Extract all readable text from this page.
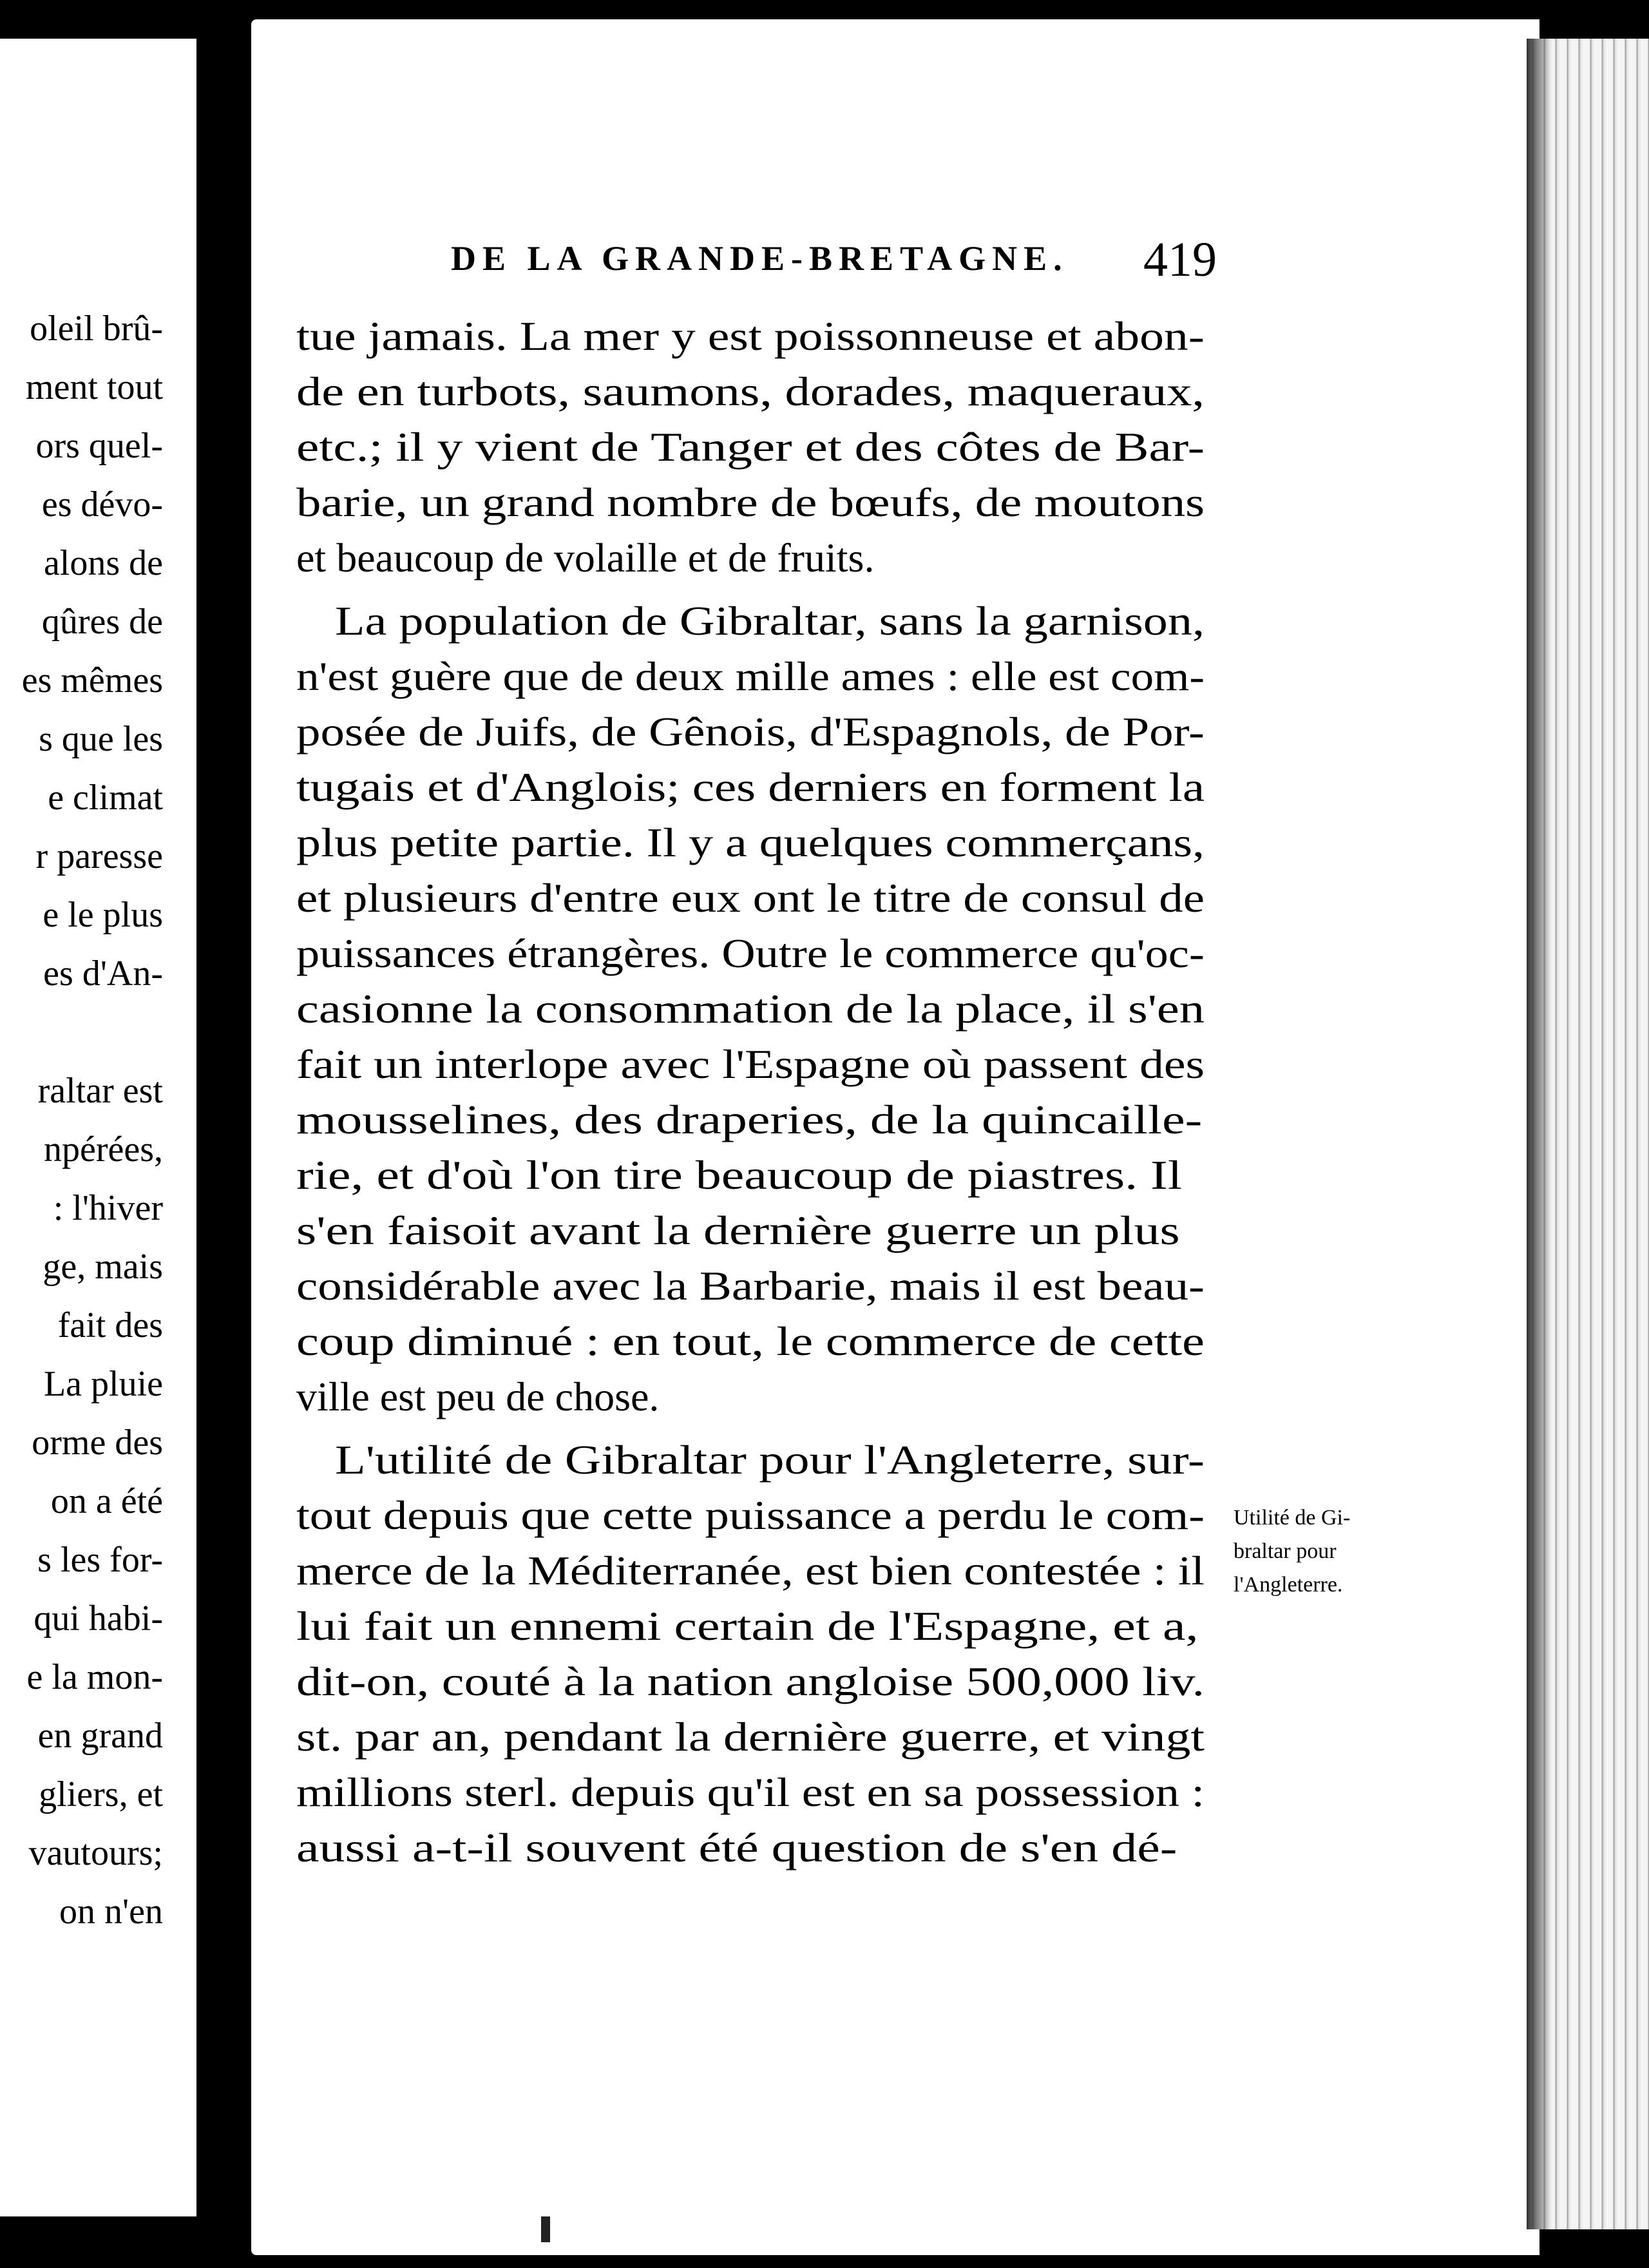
oleil brû-
ment tout
ors quel-
es dévo-
alons de
qûres de
es mêmes
s que les
e climat
r paresse
e le plus
es d'An-
raltar est
npérées,
: l'hiver
ge, mais
fait des
La pluie
orme des
on a été
s les for-
qui habi-
e la mon-
en grand
gliers, et
vautours;
on n'en
DE LA GRANDE-BRETAGNE. 419
tue jamais. La mer y est poissonneuse et abon-
de en turbots, saumons, dorades, maqueraux,
etc.; il y vient de Tanger et des côtes de Bar-
barie, un grand nombre de bœufs, de moutons
et beaucoup de volaille et de fruits.
La population de Gibraltar, sans la garnison,
n'est guère que de deux mille ames : elle est com-
posée de Juifs, de Gênois, d'Espagnols, de Por-
tugais et d'Anglois; ces derniers en forment la
plus petite partie. Il y a quelques commerçans,
et plusieurs d'entre eux ont le titre de consul de
puissances étrangères. Outre le commerce qu'oc-
casionne la consommation de la place, il s'en
fait un interlope avec l'Espagne où passent des
mousselines, des draperies, de la quincaille-
rie, et d'où l'on tire beaucoup de piastres. Il
s'en faisoit avant la dernière guerre un plus
considérable avec la Barbarie, mais il est beau-
coup diminué : en tout, le commerce de cette
ville est peu de chose.
L'utilité de Gibraltar pour l'Angleterre, sur-
tout depuis que cette puissance a perdu le com-
merce de la Méditerranée, est bien contestée : il
lui fait un ennemi certain de l'Espagne, et a,
dit-on, couté à la nation angloise 500,000 liv.
st. par an, pendant la dernière guerre, et vingt
millions sterl. depuis qu'il est en sa possession :
aussi a-t-il souvent été question de s'en dé-
Utilité de Gi-
braltar pour
l'Angleterre.
